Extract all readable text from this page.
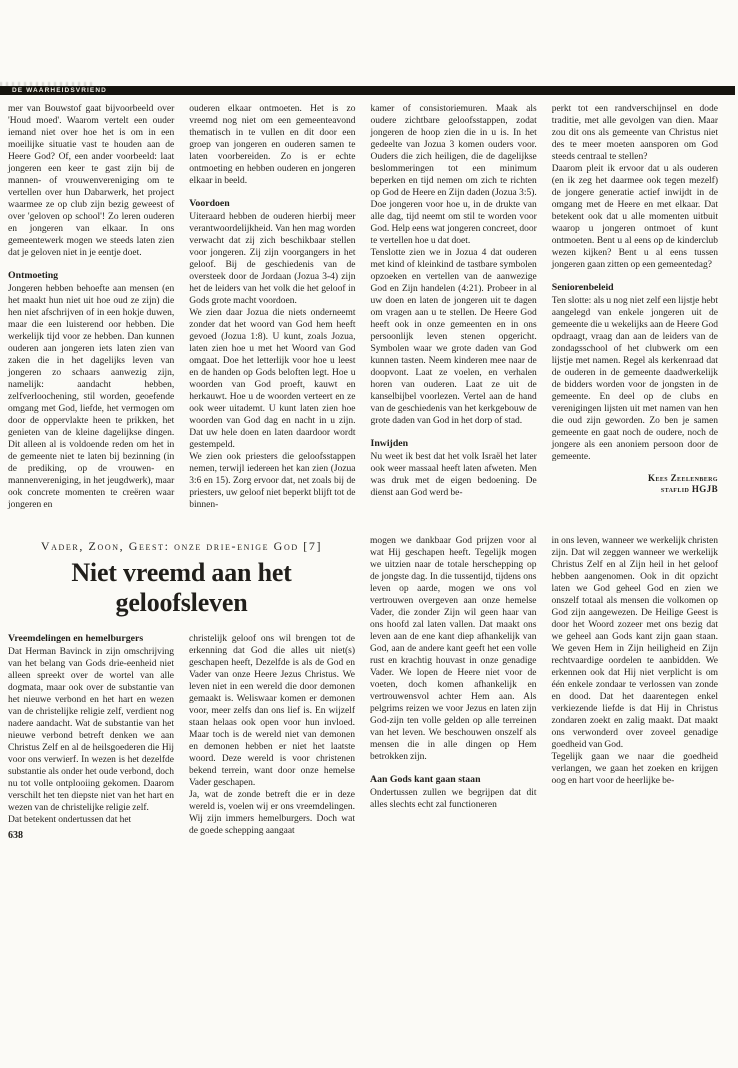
DE WAARHEIDSVRIEND

mer van Bouwstof gaat bijvoorbeeld over 'Houd moed'. Waarom vertelt een ouder iemand niet over hoe het is om in een moeilijke situatie vast te houden aan de Heere God? Of, een ander voorbeeld: laat jongeren een keer te gast zijn bij de mannen- of vrouwenvereniging om te vertellen over hun Dabarwerk, het project waarmee ze op club zijn bezig geweest of over 'geloven op school'! Zo leren ouderen en jongeren van elkaar. In ons gemeentewerk mogen we steeds laten zien dat je geloven niet in je eentje doet.

Ontmoeting

Jongeren hebben behoefte aan mensen (en het maakt hun niet uit hoe oud ze zijn) die hen niet afschrijven of in een hokje duwen, maar die een luisterend oor hebben. Die werkelijk tijd voor ze hebben. Dan kunnen ouderen aan jongeren iets laten zien van zaken die in het dagelijks leven van jongeren zo schaars aanwezig zijn, namelijk: aandacht hebben, zelfverloochening, stil worden, geoefende omgang met God, liefde, het vermogen om door de oppervlakte heen te prikken, het genieten van de kleine dagelijkse dingen. Dit alleen al is voldoende reden om het in de gemeente niet te laten bij bezinning (in de prediking, op de vrouwen- en mannenvereniging, in het jeugdwerk), maar ook concrete momenten te creëren waar jongeren en

ouderen elkaar ontmoeten. Het is zo vreemd nog niet om een gemeenteavond thematisch in te vullen en dit door een groep van jongeren en ouderen samen te laten voorbereiden. Zo is er echte ontmoeting en hebben ouderen en jongeren elkaar in beeld.

Voordoen

Uiteraard hebben de ouderen hierbij meer verantwoordelijkheid. Van hen mag worden verwacht dat zij zich beschikbaar stellen voor jongeren. Zij zijn voorgangers in het geloof. Bij de geschiedenis van de oversteek door de Jordaan (Jozua 3-4) zijn het de leiders van het volk die het geloof in Gods grote macht voordoen.

We zien daar Jozua die niets onderneemt zonder dat het woord van God hem heeft gevoed (Jozua 1:8). U kunt, zoals Jozua, laten zien hoe u met het Woord van God omgaat. Doe het letterlijk voor hoe u leest en de handen op Gods beloften legt. Hoe u woorden van God proeft, kauwt en herkauwt. Hoe u de woorden verteert en ze ook weer uitademt. U kunt laten zien hoe woorden van God dag en nacht in u zijn. Dat uw hele doen en laten daardoor wordt gestempeld.

We zien ook priesters die geloofsstappen nemen, terwijl iedereen het kan zien (Jozua 3:6 en 15). Zorg ervoor dat, net zoals bij de priesters, uw geloof niet beperkt blijft tot de binnen-

kamer of consistoriemuren. Maak als oudere zichtbare geloofsstappen, zodat jongeren de hoop zien die in u is. In het gedeelte van Jozua 3 komen ouders voor. Ouders die zich heiligen, die de dagelijkse beslommeringen tot een minimum beperken en tijd nemen om zich te richten op God de Heere en Zijn daden (Jozua 3:5). Doe jongeren voor hoe u, in de drukte van alle dag, tijd neemt om stil te worden voor God. Help eens wat jongeren concreet, door te vertellen hoe u dat doet.

Tenslotte zien we in Jozua 4 dat ouderen met kind of kleinkind de tastbare symbolen opzoeken en vertellen van de aanwezige God en Zijn handelen (4:21). Probeer in al uw doen en laten de jongeren uit te dagen om vragen aan u te stellen. De Heere God heeft ook in onze gemeenten en in ons persoonlijk leven stenen opgericht. Symbolen waar we grote daden van God kunnen tasten. Neem kinderen mee naar de doopvont. Laat ze voelen, en verhalen horen van ouderen. Laat ze uit de kanselbijbel voorlezen. Vertel aan de hand van de geschiedenis van het kerkgebouw de grote daden van God in het dorp of stad.

Inwijden

Nu weet ik best dat het volk Israël het later ook weer massaal heeft laten afweten. Men was druk met de eigen bedoening. De dienst aan God werd be-

perkt tot een randverschijnsel en dode traditie, met alle gevolgen van dien. Maar zou dit ons als gemeente van Christus niet des te meer moeten aansporen om God steeds centraal te stellen?

Daarom pleit ik ervoor dat u als ouderen (en ik zeg het daarmee ook tegen mezelf) de jongere generatie actief inwijdt in de omgang met de Heere en met elkaar. Dat betekent ook dat u alle momenten uitbuit waarop u jongeren ontmoet of kunt ontmoeten. Bent u al eens op de kinderclub wezen kijken? Bent u al eens tussen jongeren gaan zitten op een gemeentedag?

Seniorenbeleid

Ten slotte: als u nog niet zelf een lijstje hebt aangelegd van enkele jongeren uit de gemeente die u wekelijks aan de Heere God opdraagt, vraag dan aan de leiders van de zondagsschool of het clubwerk om een lijstje met namen. Regel als kerkenraad dat de ouderen in de gemeente daadwerkelijk de bidders worden voor de jongsten in de gemeente. En deel op de clubs en verenigingen lijsten uit met namen van hen die oud zijn geworden. Zo ben je samen gemeente en gaat noch de oudere, noch de jongere als een anoniem persoon door de gemeente.

Kees Zeelenberg
staflid HGJB
Vader, Zoon, Geest: onze drie-enige God [7]
Niet vreemd aan het geloofsleven
Vreemdelingen en hemelburgers

Dat Herman Bavinck in zijn omschrijving van het belang van Gods drie-eenheid niet alleen spreekt over de wortel van alle dogmata, maar ook over de substantie van het nieuwe verbond en het hart en wezen van de christelijke religie zelf, verdient nog nadere aandacht. Wat de substantie van het nieuwe verbond betreft denken we aan Christus Zelf en al de heilsgoederen die Hij voor ons verwierf. In wezen is het dezelfde substantie als onder het oude verbond, doch nu tot volle ontplooiing gekomen. Daarom verschilt het ten diepste niet van het hart en wezen van de christelijke religie zelf.

Dat betekent ondertussen dat het

638

christelijk geloof ons wil brengen tot de erkenning dat God die alles uit niet(s) geschapen heeft, Dezelfde is als de God en Vader van onze Heere Jezus Christus. We leven niet in een wereld die door demonen gemaakt is. Weliswaar komen er demonen voor, meer zelfs dan ons lief is. En wijzelf staan helaas ook open voor hun invloed. Maar toch is de wereld niet van demonen en demonen hebben er niet het laatste woord. Deze wereld is voor christenen bekend terrein, want door onze hemelse Vader geschapen.

Ja, wat de zonde betreft die er in deze wereld is, voelen wij er ons vreemdelingen. Wij zijn immers hemelburgers. Doch wat de goede schepping aangaat

mogen we dankbaar God prijzen voor al wat Hij geschapen heeft. Tegelijk mogen we uitzien naar de totale herschepping op de jongste dag. In die tussentijd, tijdens ons leven op aarde, mogen we ons vol vertrouwen overgeven aan onze hemelse Vader, die zonder Zijn wil geen haar van ons hoofd zal laten vallen. Dat maakt ons leven aan de ene kant diep afhankelijk van God, aan de andere kant geeft het een volle rust en krachtig houvast in onze genadige Vader. We lopen de Heere niet voor de voeten, doch komen afhankelijk en vertrouwensvol achter Hem aan. Als pelgrims reizen we voor Jezus en laten zijn God-zijn ten volle gelden op alle terreinen van het leven. We beschouwen onszelf als mensen die in alle dingen op Hem betrokken zijn.

Aan Gods kant gaan staan

Ondertussen zullen we begrijpen dat dit alles slechts echt zal functioneren

in ons leven, wanneer we werkelijk christen zijn. Dat wil zeggen wanneer we werkelijk Christus Zelf en al Zijn heil in het geloof hebben aangenomen. Ook in dit opzicht laten we God geheel God en zien we onszelf totaal als mensen die volkomen op God zijn aangewezen. De Heilige Geest is door het Woord zozeer met ons bezig dat we geheel aan Gods kant zijn gaan staan. We geven Hem in Zijn heiligheid en Zijn rechtvaardige oordelen te aanbidden. We erkennen ook dat Hij niet verplicht is om één enkele zondaar te verlossen van zonde en dood. Dat het daarentegen enkel verkiezende liefde is dat Hij in Christus zondaren zoekt en zalig maakt. Dat maakt ons verwonderd over zoveel genadige goedheid van God.

Tegelijk gaan we naar die goedheid verlangen, we gaan het zoeken en krijgen oog en hart voor de heerlijke be-
